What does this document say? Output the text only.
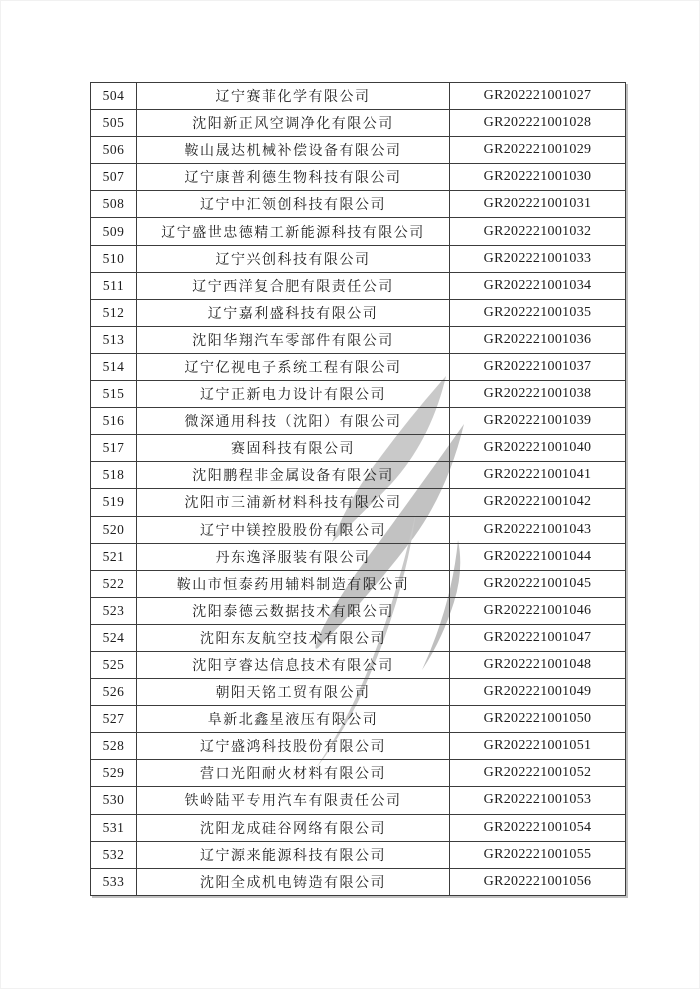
504	辽宁赛菲化学有限公司	GR202221001027
505	沈阳新正风空调净化有限公司	GR202221001028
506	鞍山晟达机械补偿设备有限公司	GR202221001029
507	辽宁康普利德生物科技有限公司	GR202221001030
508	辽宁中汇领创科技有限公司	GR202221001031
509	辽宁盛世忠德精工新能源科技有限公司	GR202221001032
510	辽宁兴创科技有限公司	GR202221001033
511	辽宁西洋复合肥有限责任公司	GR202221001034
512	辽宁嘉利盛科技有限公司	GR202221001035
513	沈阳华翔汽车零部件有限公司	GR202221001036
514	辽宁亿视电子系统工程有限公司	GR202221001037
515	辽宁正新电力设计有限公司	GR202221001038
516	微深通用科技（沈阳）有限公司	GR202221001039
517	赛固科技有限公司	GR202221001040
518	沈阳鹏程非金属设备有限公司	GR202221001041
519	沈阳市三浦新材料科技有限公司	GR202221001042
520	辽宁中镁控股股份有限公司	GR202221001043
521	丹东逸泽服装有限公司	GR202221001044
522	鞍山市恒泰药用辅料制造有限公司	GR202221001045
523	沈阳泰德云数据技术有限公司	GR202221001046
524	沈阳东友航空技术有限公司	GR202221001047
525	沈阳亨睿达信息技术有限公司	GR202221001048
526	朝阳天铭工贸有限公司	GR202221001049
527	阜新北鑫星液压有限公司	GR202221001050
528	辽宁盛鸿科技股份有限公司	GR202221001051
529	营口光阳耐火材料有限公司	GR202221001052
530	铁岭陆平专用汽车有限责任公司	GR202221001053
531	沈阳龙成硅谷网络有限公司	GR202221001054
532	辽宁源来能源科技有限公司	GR202221001055
533	沈阳全成机电铸造有限公司	GR202221001056
